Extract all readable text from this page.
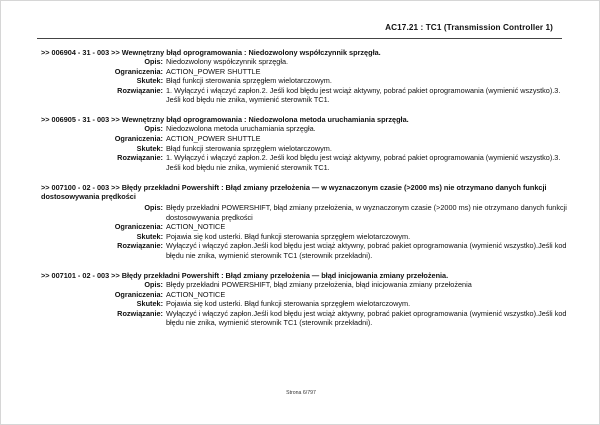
AC17.21 : TC1 (Transmission Controller 1)
>> 006904 - 31 - 003 >> Wewnętrzny błąd oprogramowania : Niedozwolony współczynnik sprzęgła.
Opis: Niedozwolony współczynnik sprzęgła.
Ograniczenia: ACTION_POWER SHUTTLE
Skutek: Błąd funkcji sterowania sprzęgłem wielotarczowym.
Rozwiązanie: 1. Wyłączyć i włączyć zapłon.2. Jeśli kod błędu jest wciąż aktywny, pobrać pakiet oprogramowania (wymienić wszystko).3. Jeśli kod błędu nie znika, wymienić sterownik TC1.
>> 006905 - 31 - 003 >> Wewnętrzny błąd oprogramowania : Niedozwolona metoda uruchamiania sprzęgła.
Opis: Niedozwolona metoda uruchamiania sprzęgła.
Ograniczenia: ACTION_POWER SHUTTLE
Skutek: Błąd funkcji sterowania sprzęgłem wielotarczowym.
Rozwiązanie: 1. Wyłączyć i włączyć zapłon.2. Jeśli kod błędu jest wciąż aktywny, pobrać pakiet oprogramowania (wymienić wszystko).3. Jeśli kod błędu nie znika, wymienić sterownik TC1.
>> 007100 - 02 - 003 >> Błędy przekładni Powershift : Błąd zmiany przełożenia — w wyznaczonym czasie (>2000 ms) nie otrzymano danych funkcji dostosowywania prędkości
Opis: Błędy przekładni POWERSHIFT, błąd zmiany przełożenia, w wyznaczonym czasie (>2000 ms) nie otrzymano danych funkcji dostosowywania prędkości
Ograniczenia: ACTION_NOTICE
Skutek: Pojawia się kod usterki. Błąd funkcji sterowania sprzęgłem wielotarczowym.
Rozwiązanie: Wyłączyć i włączyć zapłon.Jeśli kod błędu jest wciąż aktywny, pobrać pakiet oprogramowania (wymienić wszystko).Jeśli kod błędu nie znika, wymienić sterownik TC1 (sterownik przekładni).
>> 007101 - 02 - 003 >> Błędy przekładni Powershift : Błąd zmiany przełożenia — błąd inicjowania zmiany przełożenia.
Opis: Błędy przekładni POWERSHIFT, błąd zmiany przełożenia, błąd inicjowania zmiany przełożenia
Ograniczenia: ACTION_NOTICE
Skutek: Pojawia się kod usterki. Błąd funkcji sterowania sprzęgłem wielotarczowym.
Rozwiązanie: Wyłączyć i włączyć zapłon.Jeśli kod błędu jest wciąż aktywny, pobrać pakiet oprogramowania (wymienić wszystko).Jeśli kod błędu nie znika, wymienić sterownik TC1 (sterownik przekładni).
Strona 6/797
